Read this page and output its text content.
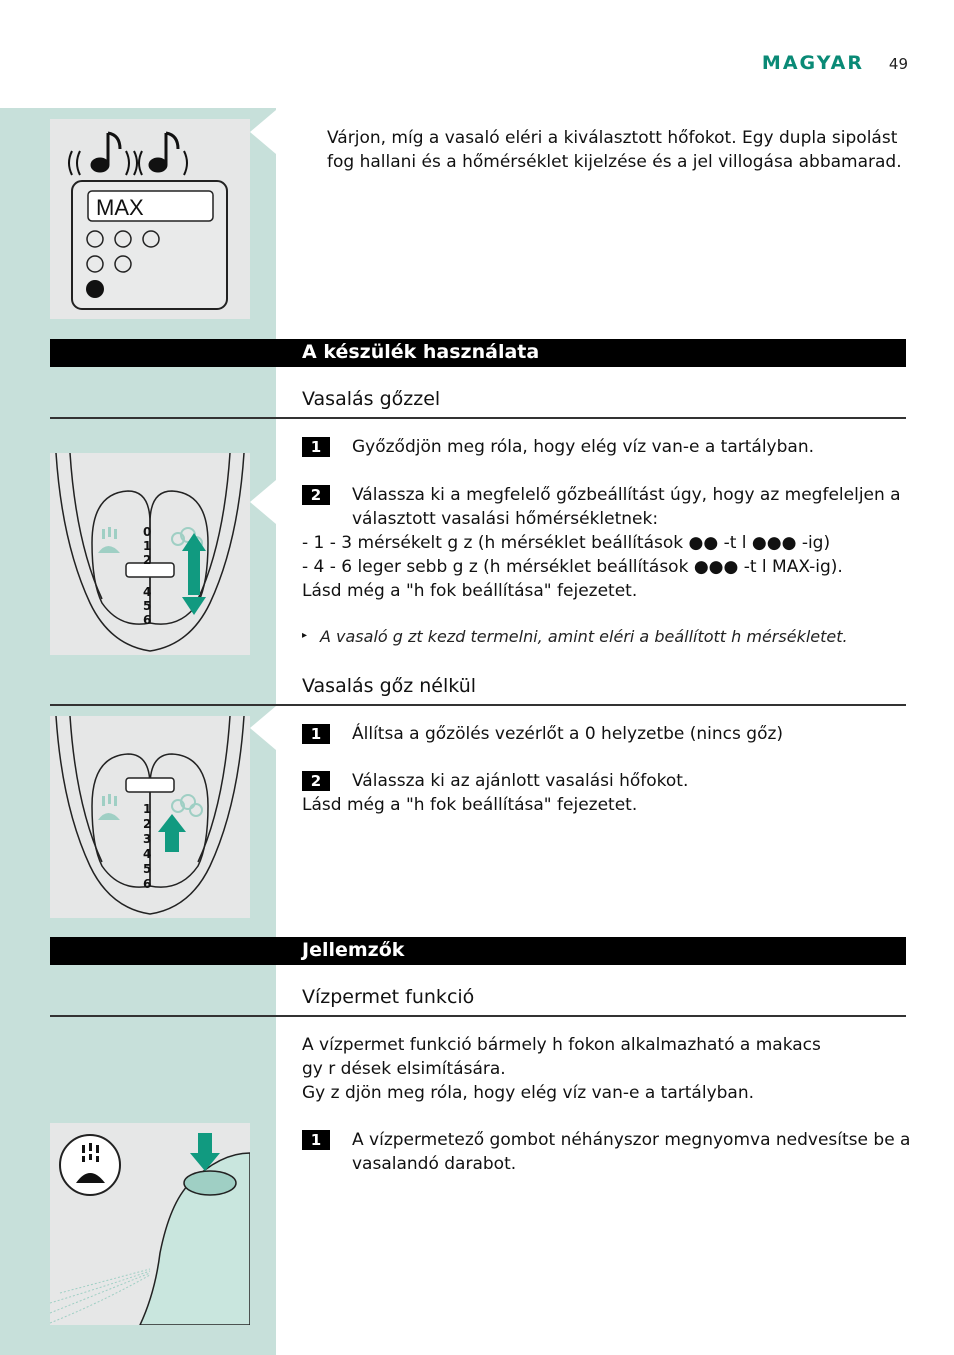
MAGYAR 49
MAX
Várjon, míg a vasaló eléri a kiválasztott hőfokot. Egy dupla sipolást fog hallani és a hőmérséklet kijelzése és a jel villogása abbamarad.
A készülék használata
Vasalás gőzzel
1	Győződjön meg róla, hogy elég víz van-e a tartályban.
2	Válassza ki a megfelelő gőzbeállítást úgy, hogy az megfeleljen a választott vasalási hőmérsékletnek:
- 1 - 3 mérsékelt g z (h mérséklet beállítások ●● -t l ●●● -ig)
- 4 - 6 leger sebb g z (h mérséklet beállítások ●●● -t l MAX-ig).
Lásd még a "h fok beállítása" fejezetet.
▸ A vasaló g zt kezd termelni, amint eléri a beállított h mérsékletet.
0
1
2
4
5
6
Vasalás gőz nélkül
1	Állítsa a gőzölés vezérlőt a 0 helyzetbe (nincs gőz)
2	Válassza ki az ajánlott vasalási hőfokot.
Lásd még a "h fok beállítása" fejezetet.
1
2
3
4
5
6
Jellemzők
Vízpermet funkció
A vízpermet funkció bármely h fokon alkalmazható a makacs
gy r dések elsimítására.
Gy z djön meg róla, hogy elég víz van-e a tartályban.
1	A vízpermetező gombot néhányszor megnyomva nedvesítse be a vasalandó darabot.
